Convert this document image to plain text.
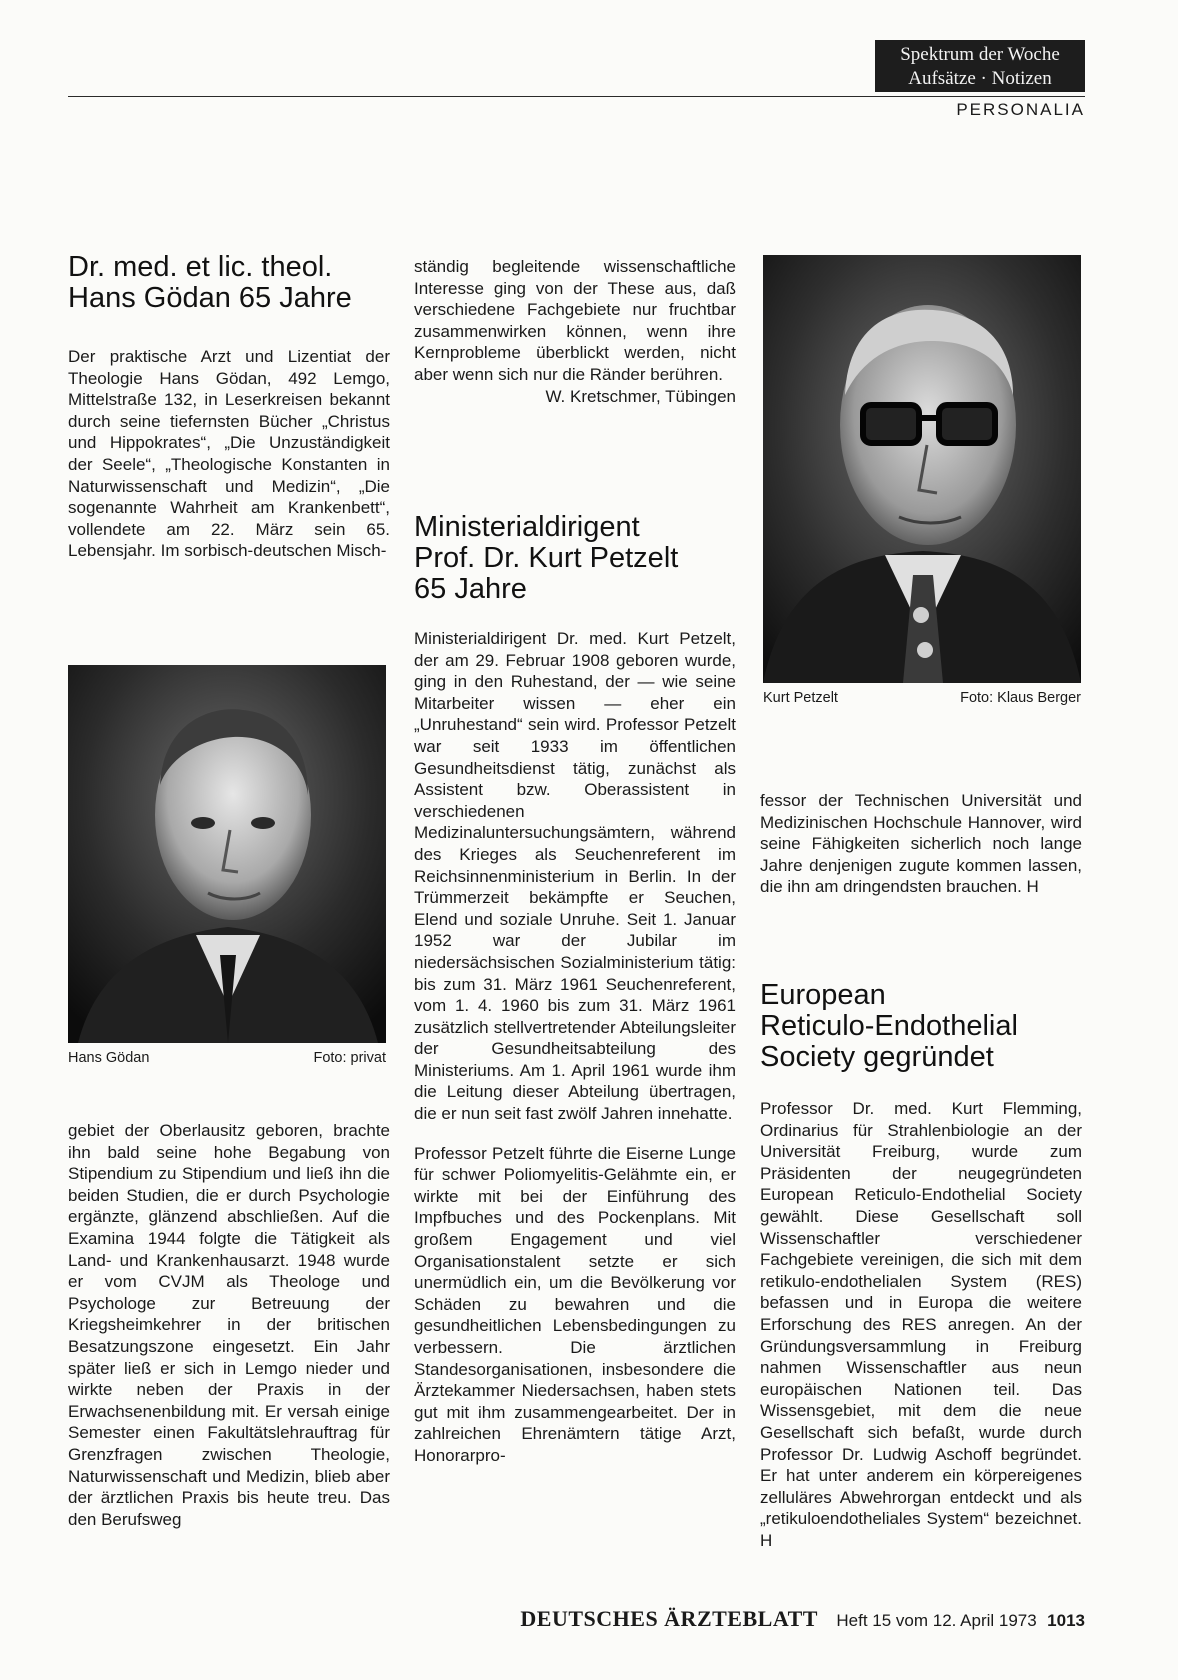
Spektrum der Woche
Aufsätze · Notizen
PERSONALIA
Dr. med. et lic. theol.
Hans Gödan 65 Jahre

Der praktische Arzt und Lizentiat der Theologie Hans Gödan, 492 Lemgo, Mittelstraße 132, in Leserkreisen bekannt durch seine tiefernsten Bücher „Christus und Hippokrates“, „Die Unzuständigkeit der Seele“, „Theologische Konstanten in Naturwissenschaft und Medizin“, „Die sogenannte Wahrheit am Krankenbett“, vollendete am 22. März sein 65. Lebensjahr. Im sorbisch-deutschen Misch-

Hans Gödan	Foto: privat

gebiet der Oberlausitz geboren, brachte ihn bald seine hohe Begabung von Stipendium zu Stipendium und ließ ihn die beiden Studien, die er durch Psychologie ergänzte, glänzend abschließen. Auf die Examina 1944 folgte die Tätigkeit als Land- und Krankenhausarzt. 1948 wurde er vom CVJM als Theologe und Psychologe zur Betreuung der Kriegsheimkehrer in der britischen Besatzungszone eingesetzt. Ein Jahr später ließ er sich in Lemgo nieder und wirkte neben der Praxis in der Erwachsenenbildung mit. Er versah einige Semester einen Fakultätslehrauftrag für Grenzfragen zwischen Theologie, Naturwissenschaft und Medizin, blieb aber der ärztlichen Praxis bis heute treu. Das den Berufsweg

ständig begleitende wissenschaftliche Interesse ging von der These aus, daß verschiedene Fachgebiete nur fruchtbar zusammenwirken können, wenn ihre Kernprobleme überblickt werden, nicht aber wenn sich nur die Ränder berühren.

W. Kretschmer, Tübingen

Ministerialdirigent
Prof. Dr. Kurt Petzelt
65 Jahre

Ministerialdirigent Dr. med. Kurt Petzelt, der am 29. Februar 1908 geboren wurde, ging in den Ruhestand, der — wie seine Mitarbeiter wissen — eher ein „Unruhestand“ sein wird. Professor Petzelt war seit 1933 im öffentlichen Gesundheitsdienst tätig, zunächst als Assistent bzw. Oberassistent in verschiedenen Medizinaluntersuchungsämtern, während des Krieges als Seuchenreferent im Reichsinnenministerium in Berlin. In der Trümmerzeit bekämpfte er Seuchen, Elend und soziale Unruhe. Seit 1. Januar 1952 war der Jubilar im niedersächsischen Sozialministerium tätig: bis zum 31. März 1961 Seuchenreferent, vom 1. 4. 1960 bis zum 31. März 1961 zusätzlich stellvertretender Abteilungsleiter der Gesundheitsabteilung des Ministeriums. Am 1. April 1961 wurde ihm die Leitung dieser Abteilung übertragen, die er nun seit fast zwölf Jahren innehatte.

Professor Petzelt führte die Eiserne Lunge für schwer Poliomyelitis-Gelähmte ein, er wirkte mit bei der Einführung des Impfbuches und des Pockenplans. Mit großem Engagement und viel Organisationstalent setzte er sich unermüdlich ein, um die Bevölkerung vor Schäden zu bewahren und die gesundheitlichen Lebensbedingungen zu verbessern. Die ärztlichen Standesorganisationen, insbesondere die Ärztekammer Niedersachsen, haben stets gut mit ihm zusammengearbeitet. Der in zahlreichen Ehrenämtern tätige Arzt, Honorarpro-

Kurt Petzelt	Foto: Klaus Berger

fessor der Technischen Universität und Medizinischen Hochschule Hannover, wird seine Fähigkeiten sicherlich noch lange Jahre denjenigen zugute kommen lassen, die ihn am dringendsten brauchen. H

European
Reticulo-Endothelial
Society gegründet

Professor Dr. med. Kurt Flemming, Ordinarius für Strahlenbiologie an der Universität Freiburg, wurde zum Präsidenten der neugegründeten European Reticulo-Endothelial Society gewählt. Diese Gesellschaft soll Wissenschaftler verschiedener Fachgebiete vereinigen, die sich mit dem retikulo-endothelialen System (RES) befassen und in Europa die weitere Erforschung des RES anregen. An der Gründungsversammlung in Freiburg nahmen Wissenschaftler aus neun europäischen Nationen teil. Das Wissensgebiet, mit dem die neue Gesellschaft sich befaßt, wurde durch Professor Dr. Ludwig Aschoff begründet. Er hat unter anderem ein körpereigenes zelluläres Abwehrorgan entdeckt und als „retikuloendotheliales System“ bezeichnet. H

DEUTSCHES ÄRZTEBLATT Heft 15 vom 12. April 1973 1013
